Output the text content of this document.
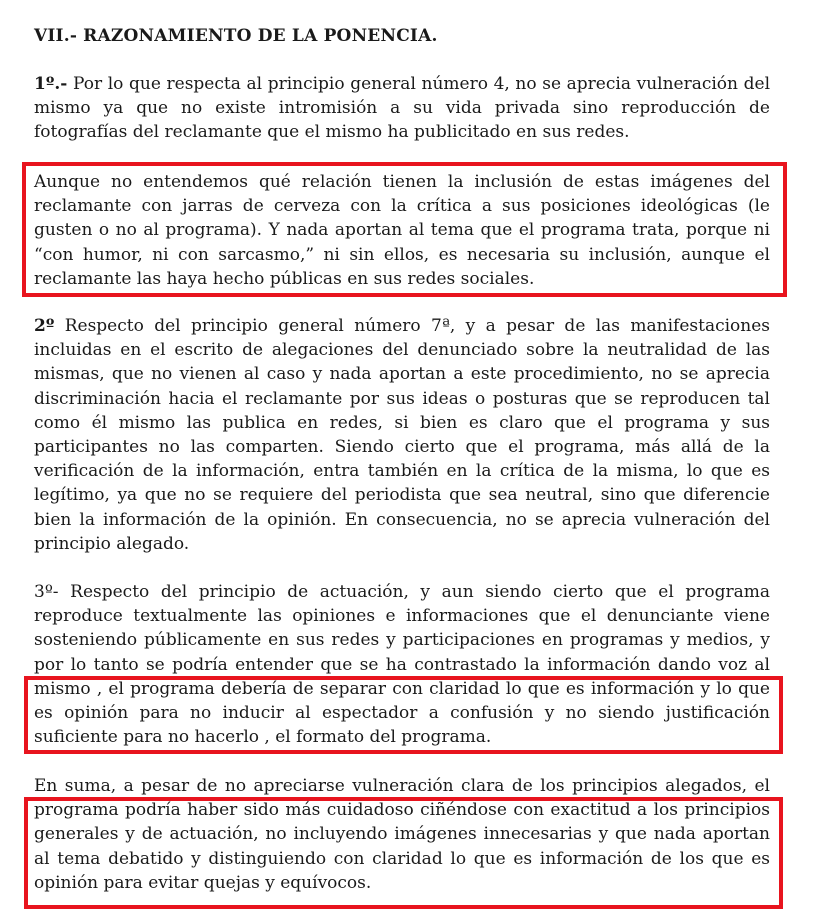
VII.- RAZONAMIENTO DE LA PONENCIA.

1º.- Por lo que respecta al principio general número 4, no se aprecia vulneración del mismo ya que no existe intromisión a su vida privada sino reproducción de fotografías del reclamante que el mismo ha publicitado en sus redes.

Aunque no entendemos qué relación tienen la inclusión de estas imágenes del reclamante con jarras de cerveza con la crítica a sus posiciones ideológicas (le gusten o no al programa). Y nada aportan al tema que el programa trata, porque ni “con humor, ni con sarcasmo,” ni sin ellos, es necesaria su inclusión, aunque el reclamante las haya hecho públicas en sus redes sociales.

2º Respecto del principio general número 7ª, y a pesar de las manifestaciones incluidas en el escrito de alegaciones del denunciado sobre la neutralidad de las mismas, que no vienen al caso y nada aportan a este procedimiento, no se aprecia discriminación hacia el reclamante por sus ideas o posturas que se reproducen tal como él mismo las publica en redes, si bien es claro que el programa y sus participantes no las comparten. Siendo cierto que el programa, más allá de la verificación de la información, entra también en la crítica de la misma, lo que es legítimo, ya que no se requiere del periodista que sea neutral, sino que diferencie bien la información de la opinión. En consecuencia, no se aprecia vulneración del principio alegado.

3º- Respecto del principio de actuación, y aun siendo cierto que el programa reproduce textualmente las opiniones e informaciones que el denunciante viene sosteniendo públicamente en sus redes y participaciones en programas y medios, y por lo tanto se podría entender que se ha contrastado la información dando voz al mismo , el programa debería de separar con claridad lo que es información y lo que es opinión para no inducir al espectador a confusión y no siendo justificación suficiente para no hacerlo , el formato del programa.

En suma, a pesar de no apreciarse vulneración clara de los principios alegados, el programa podría haber sido más cuidadoso ciñéndose con exactitud a los principios generales y de actuación, no incluyendo imágenes innecesarias y que nada aportan al tema debatido y distinguiendo con claridad lo que es información de los que es opinión para evitar quejas y equívocos.
